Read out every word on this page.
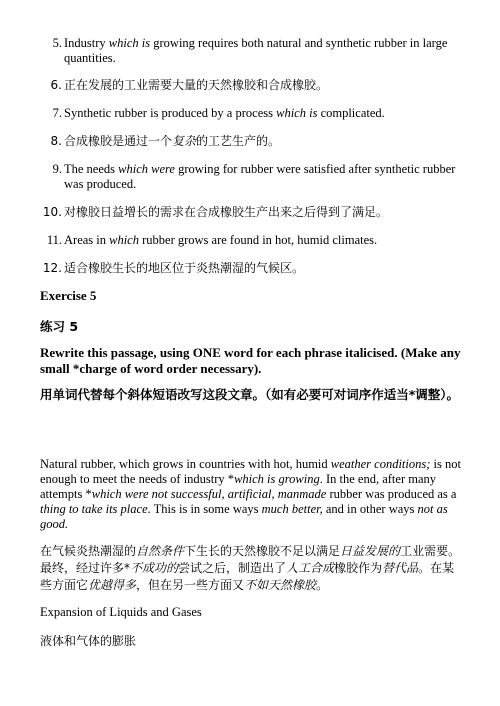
5. Industry which is growing requires both natural and synthetic rubber in large quantities.
6. 正在发展的工业需要大量的天然橡胶和合成橡胶。
7. Synthetic rubber is produced by a process which is complicated.
8. 合成橡胶是通过一个复杂的工艺生产的。
9. The needs which were growing for rubber were satisfied after synthetic rubber was produced.
10. 对橡胶日益增长的需求在合成橡胶生产出来之后得到了满足。
11. Areas in which rubber grows are found in hot, humid climates.
12. 适合橡胶生长的地区位于炎热潮湿的气候区。
Exercise 5
练习 5
Rewrite this passage, using ONE word for each phrase italicised. (Make any small *charge of word order necessary).
用单词代替每个斜体短语改写这段文章。（如有必要可对词序作适当*调整）。

Natural rubber, which grows in countries with hot, humid weather conditions; is not enough to meet the needs of industry *which is growing. In the end, after many attempts *which were not successful, artificial, manmade rubber was produced as a thing to take its place. This is in some ways much better, and in other ways not as good.

在气候炎热潮湿的自然条件下生长的天然橡胶不足以满足日益发展的工业需要。最终，经过许多*不成功的尝试之后，制造出了人工合成橡胶作为替代品。在某些方面它优越得多，但在另一些方面又不如天然橡胶。

Expansion of Liquids and Gases
液体和气体的膨胀
